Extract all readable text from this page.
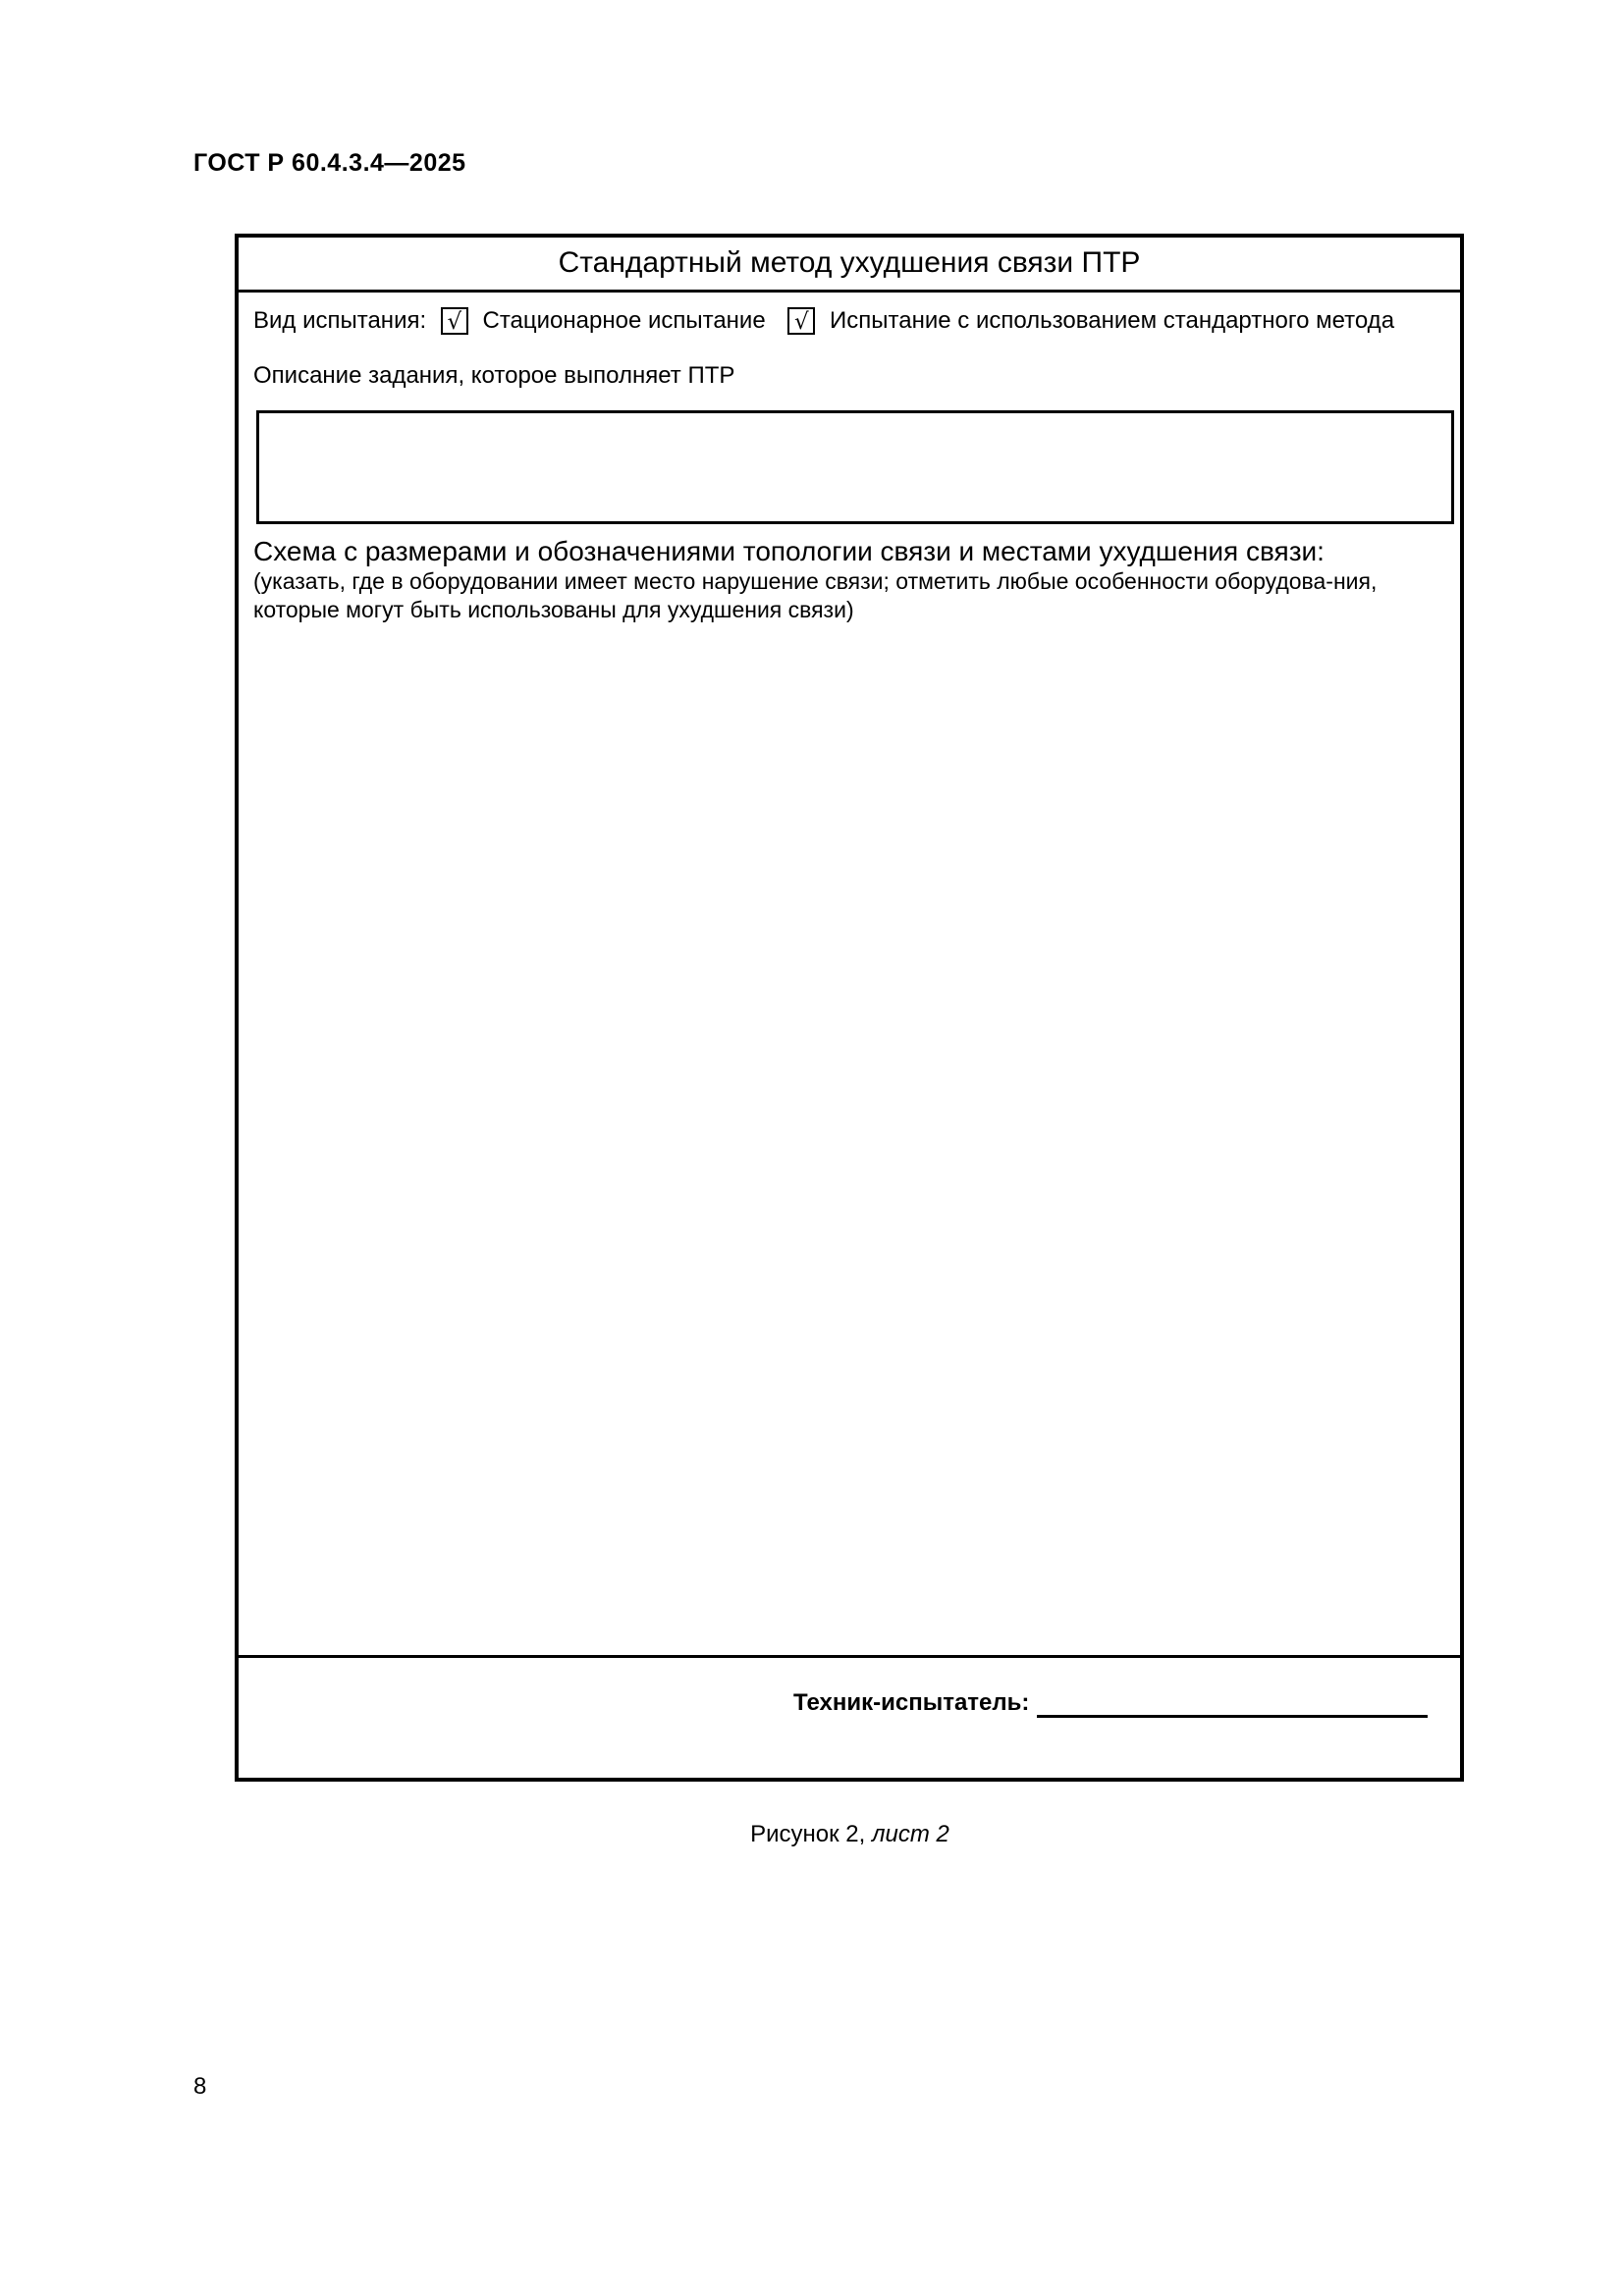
ГОСТ Р 60.4.3.4—2025
Стандартный метод ухудшения связи ПТР
Вид испытания: √ Стационарное испытание √ Испытание с использованием стандартного метода
Описание задания, которое выполняет ПТР
Схема с размерами и обозначениями топологии связи и местами ухудшения связи:
(указать, где в оборудовании имеет место нарушение связи; отметить любые особенности оборудова-ния, которые могут быть использованы для ухудшения связи)
Техник-испытатель:
Рисунок 2, лист 2
8
